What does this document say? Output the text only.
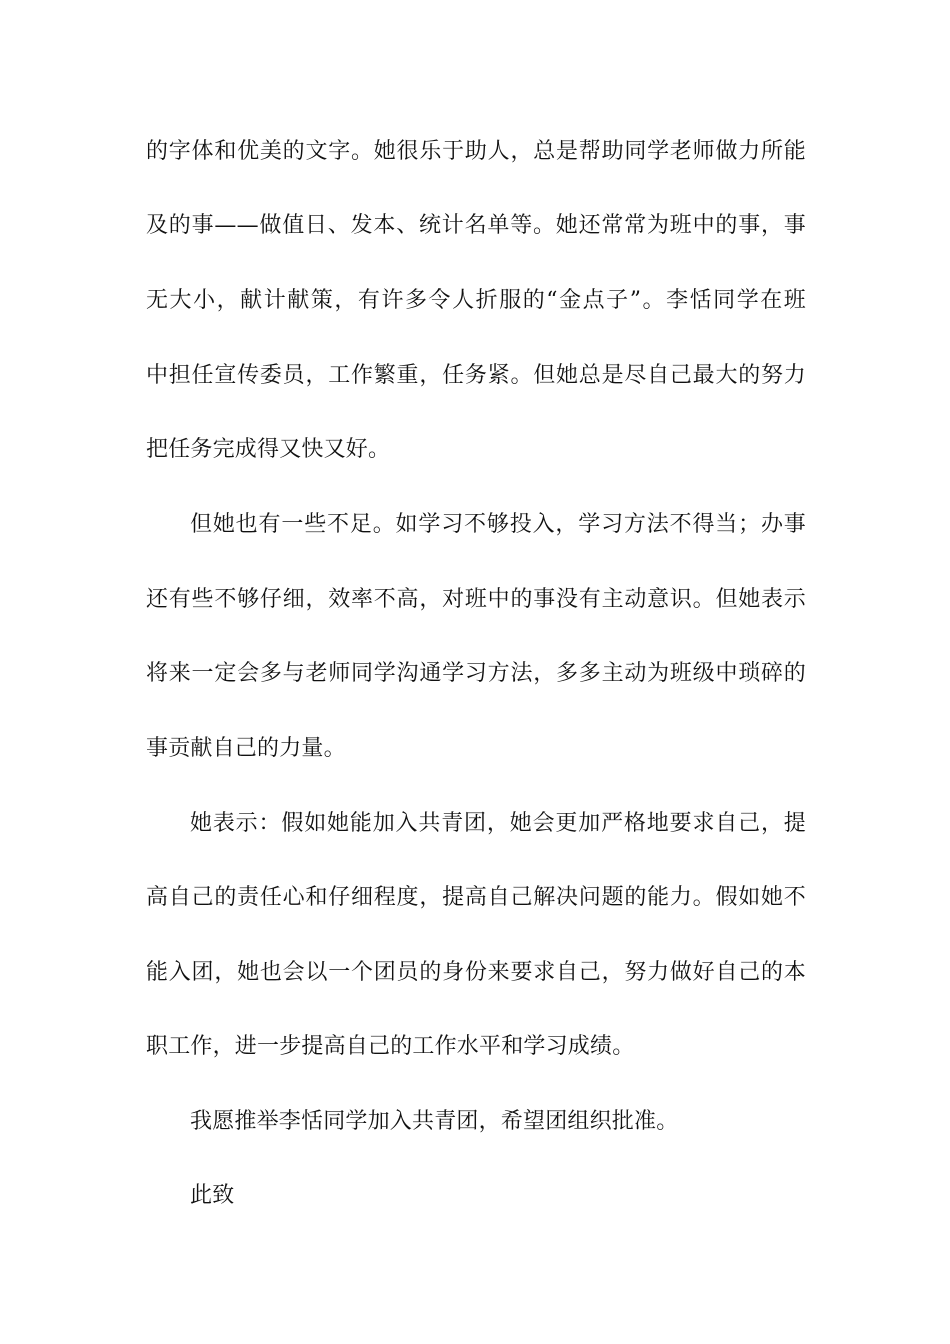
的字体和优美的文字。她很乐于助人，总是帮助同学老师做力所能
及的事——做值日、发本、统计名单等。她还常常为班中的事，事
无大小，献计献策，有许多令人折服的“金点子”。李恬同学在班
中担任宣传委员，工作繁重，任务紧。但她总是尽自己最大的努力
把任务完成得又快又好。
但她也有一些不足。如学习不够投入，学习方法不得当；办事
还有些不够仔细，效率不高，对班中的事没有主动意识。但她表示
将来一定会多与老师同学沟通学习方法，多多主动为班级中琐碎的
事贡献自己的力量。
她表示：假如她能加入共青团，她会更加严格地要求自己，提
高自己的责任心和仔细程度，提高自己解决问题的能力。假如她不
能入团，她也会以一个团员的身份来要求自己，努力做好自己的本
职工作，进一步提高自己的工作水平和学习成绩。
我愿推举李恬同学加入共青团，希望团组织批准。
此致
